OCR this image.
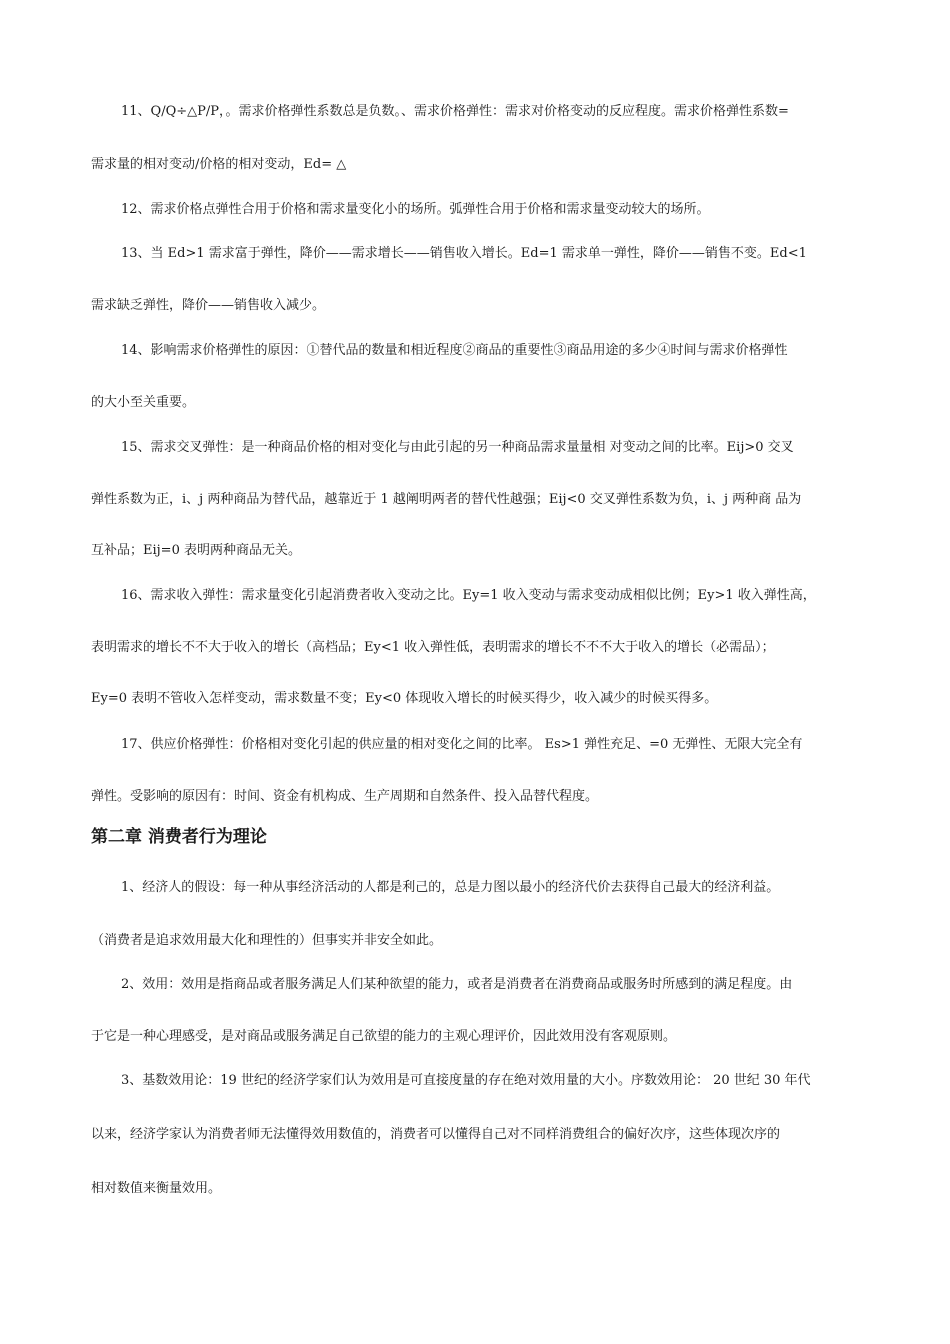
11、Q/Q÷△P/P，。需求价格弹性系数总是负数。、需求价格弹性：需求对价格变动的反应程度。需求价格弹性系数=
需求量的相对变动/价格的相对变动，Ed= △
12、需求价格点弹性合用于价格和需求量变化小的场所。弧弹性合用于价格和需求量变动较大的场所。
13、当 Ed>1 需求富于弹性，降价——需求增长——销售收入增长。Ed=1 需求单一弹性，降价——销售不变。Ed<1
需求缺乏弹性，降价——销售收入减少。
14、影响需求价格弹性的原因：①替代品的数量和相近程度②商品的重要性③商品用途的多少④时间与需求价格弹性
的大小至关重要。
15、需求交叉弹性：是一种商品价格的相对变化与由此引起的另一种商品需求量量相 对变动之间的比率。Eij>0 交叉
弹性系数为正，i、j 两种商品为替代品，越靠近于 1 越阐明两者的替代性越强；Eij<0 交叉弹性系数为负，i、j 两种商 品为
互补品；Eij=0 表明两种商品无关。
16、需求收入弹性：需求量变化引起消费者收入变动之比。Ey=1 收入变动与需求变动成相似比例；Ey>1 收入弹性高，
表明需求的增长不不大于收入的增长（高档品；Ey<1 收入弹性低，表明需求的增长不不不大于收入的增长（必需品）；
Ey=0 表明不管收入怎样变动，需求数量不变；Ey<0 体现收入增长的时候买得少，收入减少的时候买得多。
17、供应价格弹性：价格相对变化引起的供应量的相对变化之间的比率。 Es>1 弹性充足、=0 无弹性、无限大完全有
弹性。受影响的原因有：时间、资金有机构成、生产周期和自然条件、投入品替代程度。
第二章 消费者行为理论
1、经济人的假设：每一种从事经济活动的人都是利己的，总是力图以最小的经济代价去获得自己最大的经济利益。
（消费者是追求效用最大化和理性的）但事实并非安全如此。
2、效用：效用是指商品或者服务满足人们某种欲望的能力，或者是消费者在消费商品或服务时所感到的满足程度。由
于它是一种心理感受，是对商品或服务满足自己欲望的能力的主观心理评价，因此效用没有客观原则。
3、基数效用论：19 世纪的经济学家们认为效用是可直接度量的存在绝对效用量的大小。序数效用论： 20 世纪 30 年代
以来，经济学家认为消费者师无法懂得效用数值的，消费者可以懂得自己对不同样消费组合的偏好次序，这些体现次序的
相对数值来衡量效用。
